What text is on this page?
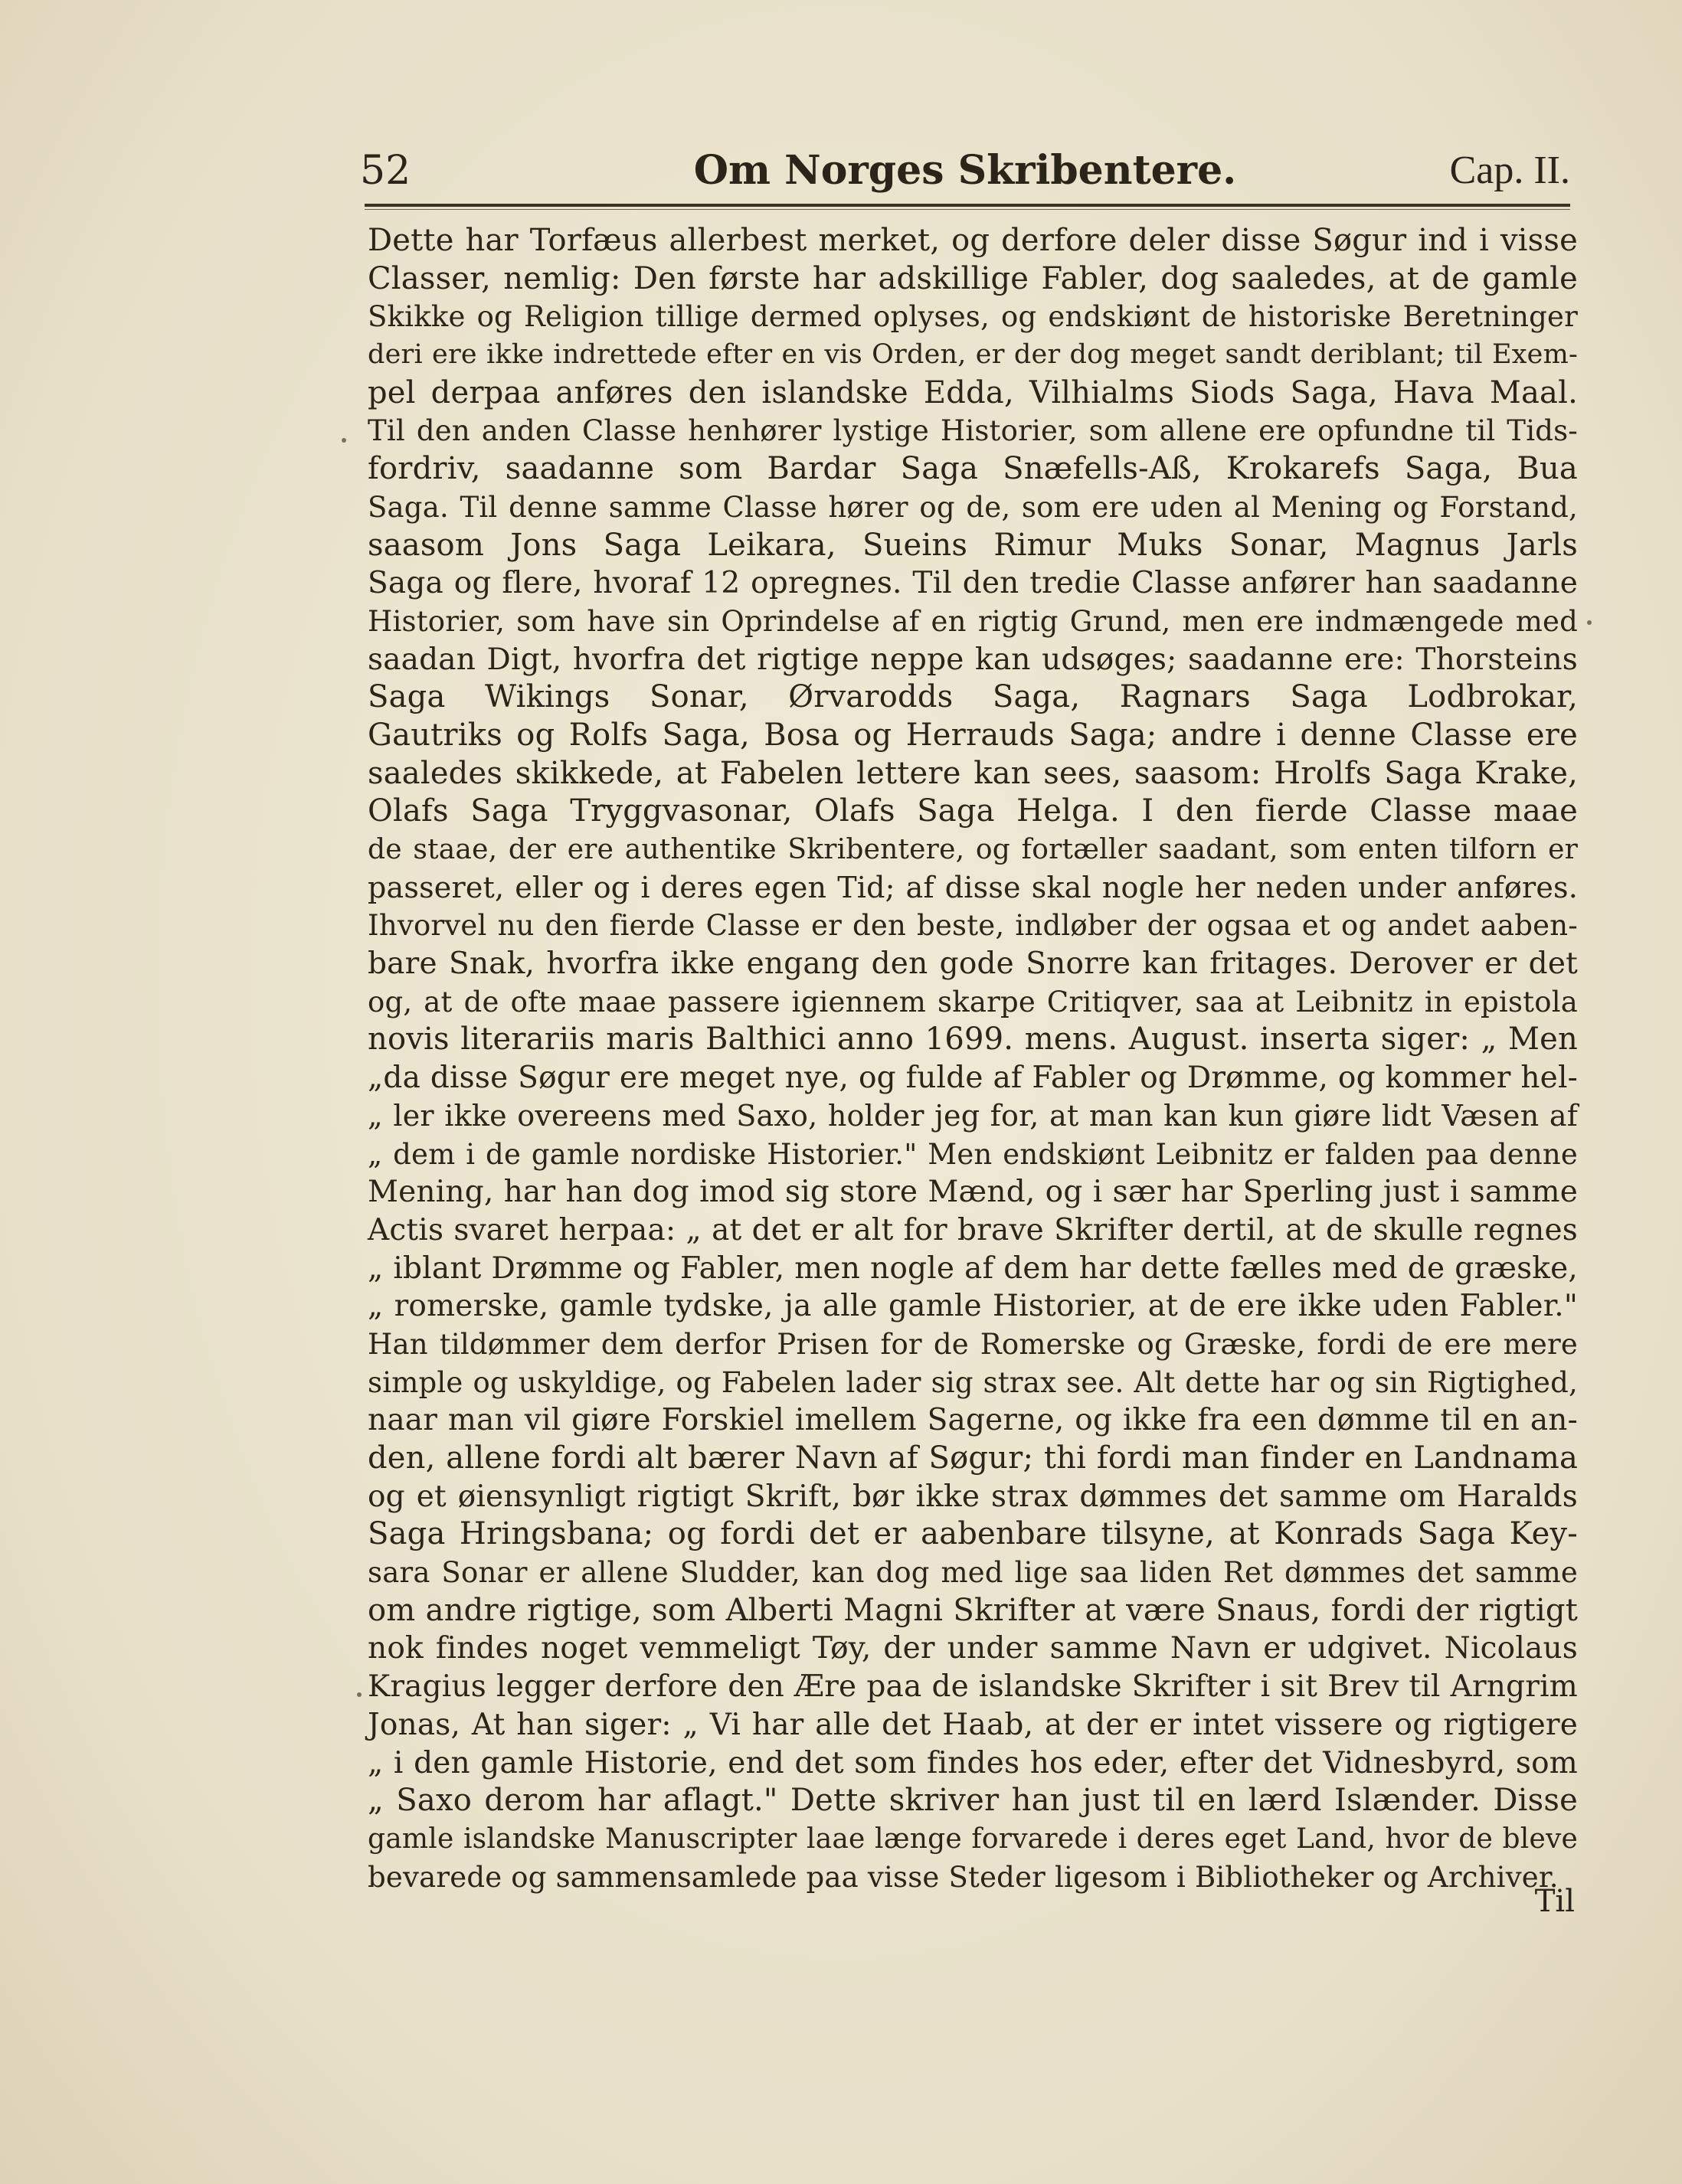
52	Om Norges Skribentere.	Cap. II.
Dette har Torfæus allerbest merket, og derfore deler disse Søgur ind i visse
Classer, nemlig: Den første har adskillige Fabler, dog saaledes, at de gamle
Skikke og Religion tillige dermed oplyses, og endskiønt de historiske Beretninger
deri ere ikke indrettede efter en vis Orden, er der dog meget sandt deriblant; til Exem-
pel derpaa anføres den islandske Edda, Vilhialms Siods Saga, Hava Maal.
Til den anden Classe henhører lystige Historier, som allene ere opfundne til Tids-
fordriv, saadanne som Bardar Saga Snæfells-Aß, Krokarefs Saga, Bua
Saga. Til denne samme Classe hører og de, som ere uden al Mening og Forstand,
saasom Jons Saga Leikara, Sueins Rimur Muks Sonar, Magnus Jarls
Saga og flere, hvoraf 12 opregnes. Til den tredie Classe anfører han saadanne
Historier, som have sin Oprindelse af en rigtig Grund, men ere indmængede med
saadan Digt, hvorfra det rigtige neppe kan udsøges; saadanne ere: Thorsteins
Saga Wikings Sonar, Ørvarodds Saga, Ragnars Saga Lodbrokar,
Gautriks og Rolfs Saga, Bosa og Herrauds Saga; andre i denne Classe ere
saaledes skikkede, at Fabelen lettere kan sees, saasom: Hrolfs Saga Krake,
Olafs Saga Tryggvasonar, Olafs Saga Helga. I den fierde Classe maae
de staae, der ere authentike Skribentere, og fortæller saadant, som enten tilforn er
passeret, eller og i deres egen Tid; af disse skal nogle her neden under anføres.
Ihvorvel nu den fierde Classe er den beste, indløber der ogsaa et og andet aaben-
bare Snak, hvorfra ikke engang den gode Snorre kan fritages. Derover er det
og, at de ofte maae passere igiennem skarpe Critiqver, saa at Leibnitz in epistola
novis literariis maris Balthici anno 1699. mens. August. inserta siger: „ Men
„da disse Søgur ere meget nye, og fulde af Fabler og Drømme, og kommer hel-
„ ler ikke overeens med Saxo, holder jeg for, at man kan kun giøre lidt Væsen af
„ dem i de gamle nordiske Historier." Men endskiønt Leibnitz er falden paa denne
Mening, har han dog imod sig store Mænd, og i sær har Sperling just i samme
Actis svaret herpaa: „ at det er alt for brave Skrifter dertil, at de skulle regnes
„ iblant Drømme og Fabler, men nogle af dem har dette fælles med de græske,
„ romerske, gamle tydske, ja alle gamle Historier, at de ere ikke uden Fabler."
Han tildømmer dem derfor Prisen for de Romerske og Græske, fordi de ere mere
simple og uskyldige, og Fabelen lader sig strax see. Alt dette har og sin Rigtighed,
naar man vil giøre Forskiel imellem Sagerne, og ikke fra een dømme til en an-
den, allene fordi alt bærer Navn af Søgur; thi fordi man finder en Landnama
og et øiensynligt rigtigt Skrift, bør ikke strax dømmes det samme om Haralds
Saga Hringsbana; og fordi det er aabenbare tilsyne, at Konrads Saga Key-
sara Sonar er allene Sludder, kan dog med lige saa liden Ret dømmes det samme
om andre rigtige, som Alberti Magni Skrifter at være Snaus, fordi der rigtigt
nok findes noget vemmeligt Tøy, der under samme Navn er udgivet. Nicolaus
Kragius legger derfore den Ære paa de islandske Skrifter i sit Brev til Arngrim
Jonas, At han siger: „ Vi har alle det Haab, at der er intet vissere og rigtigere
„ i den gamle Historie, end det som findes hos eder, efter det Vidnesbyrd, som
„ Saxo derom har aflagt." Dette skriver han just til en lærd Islænder. Disse
gamle islandske Manuscripter laae længe forvarede i deres eget Land, hvor de bleve
bevarede og sammensamlede paa visse Steder ligesom i Bibliotheker og Archiver.
Til
